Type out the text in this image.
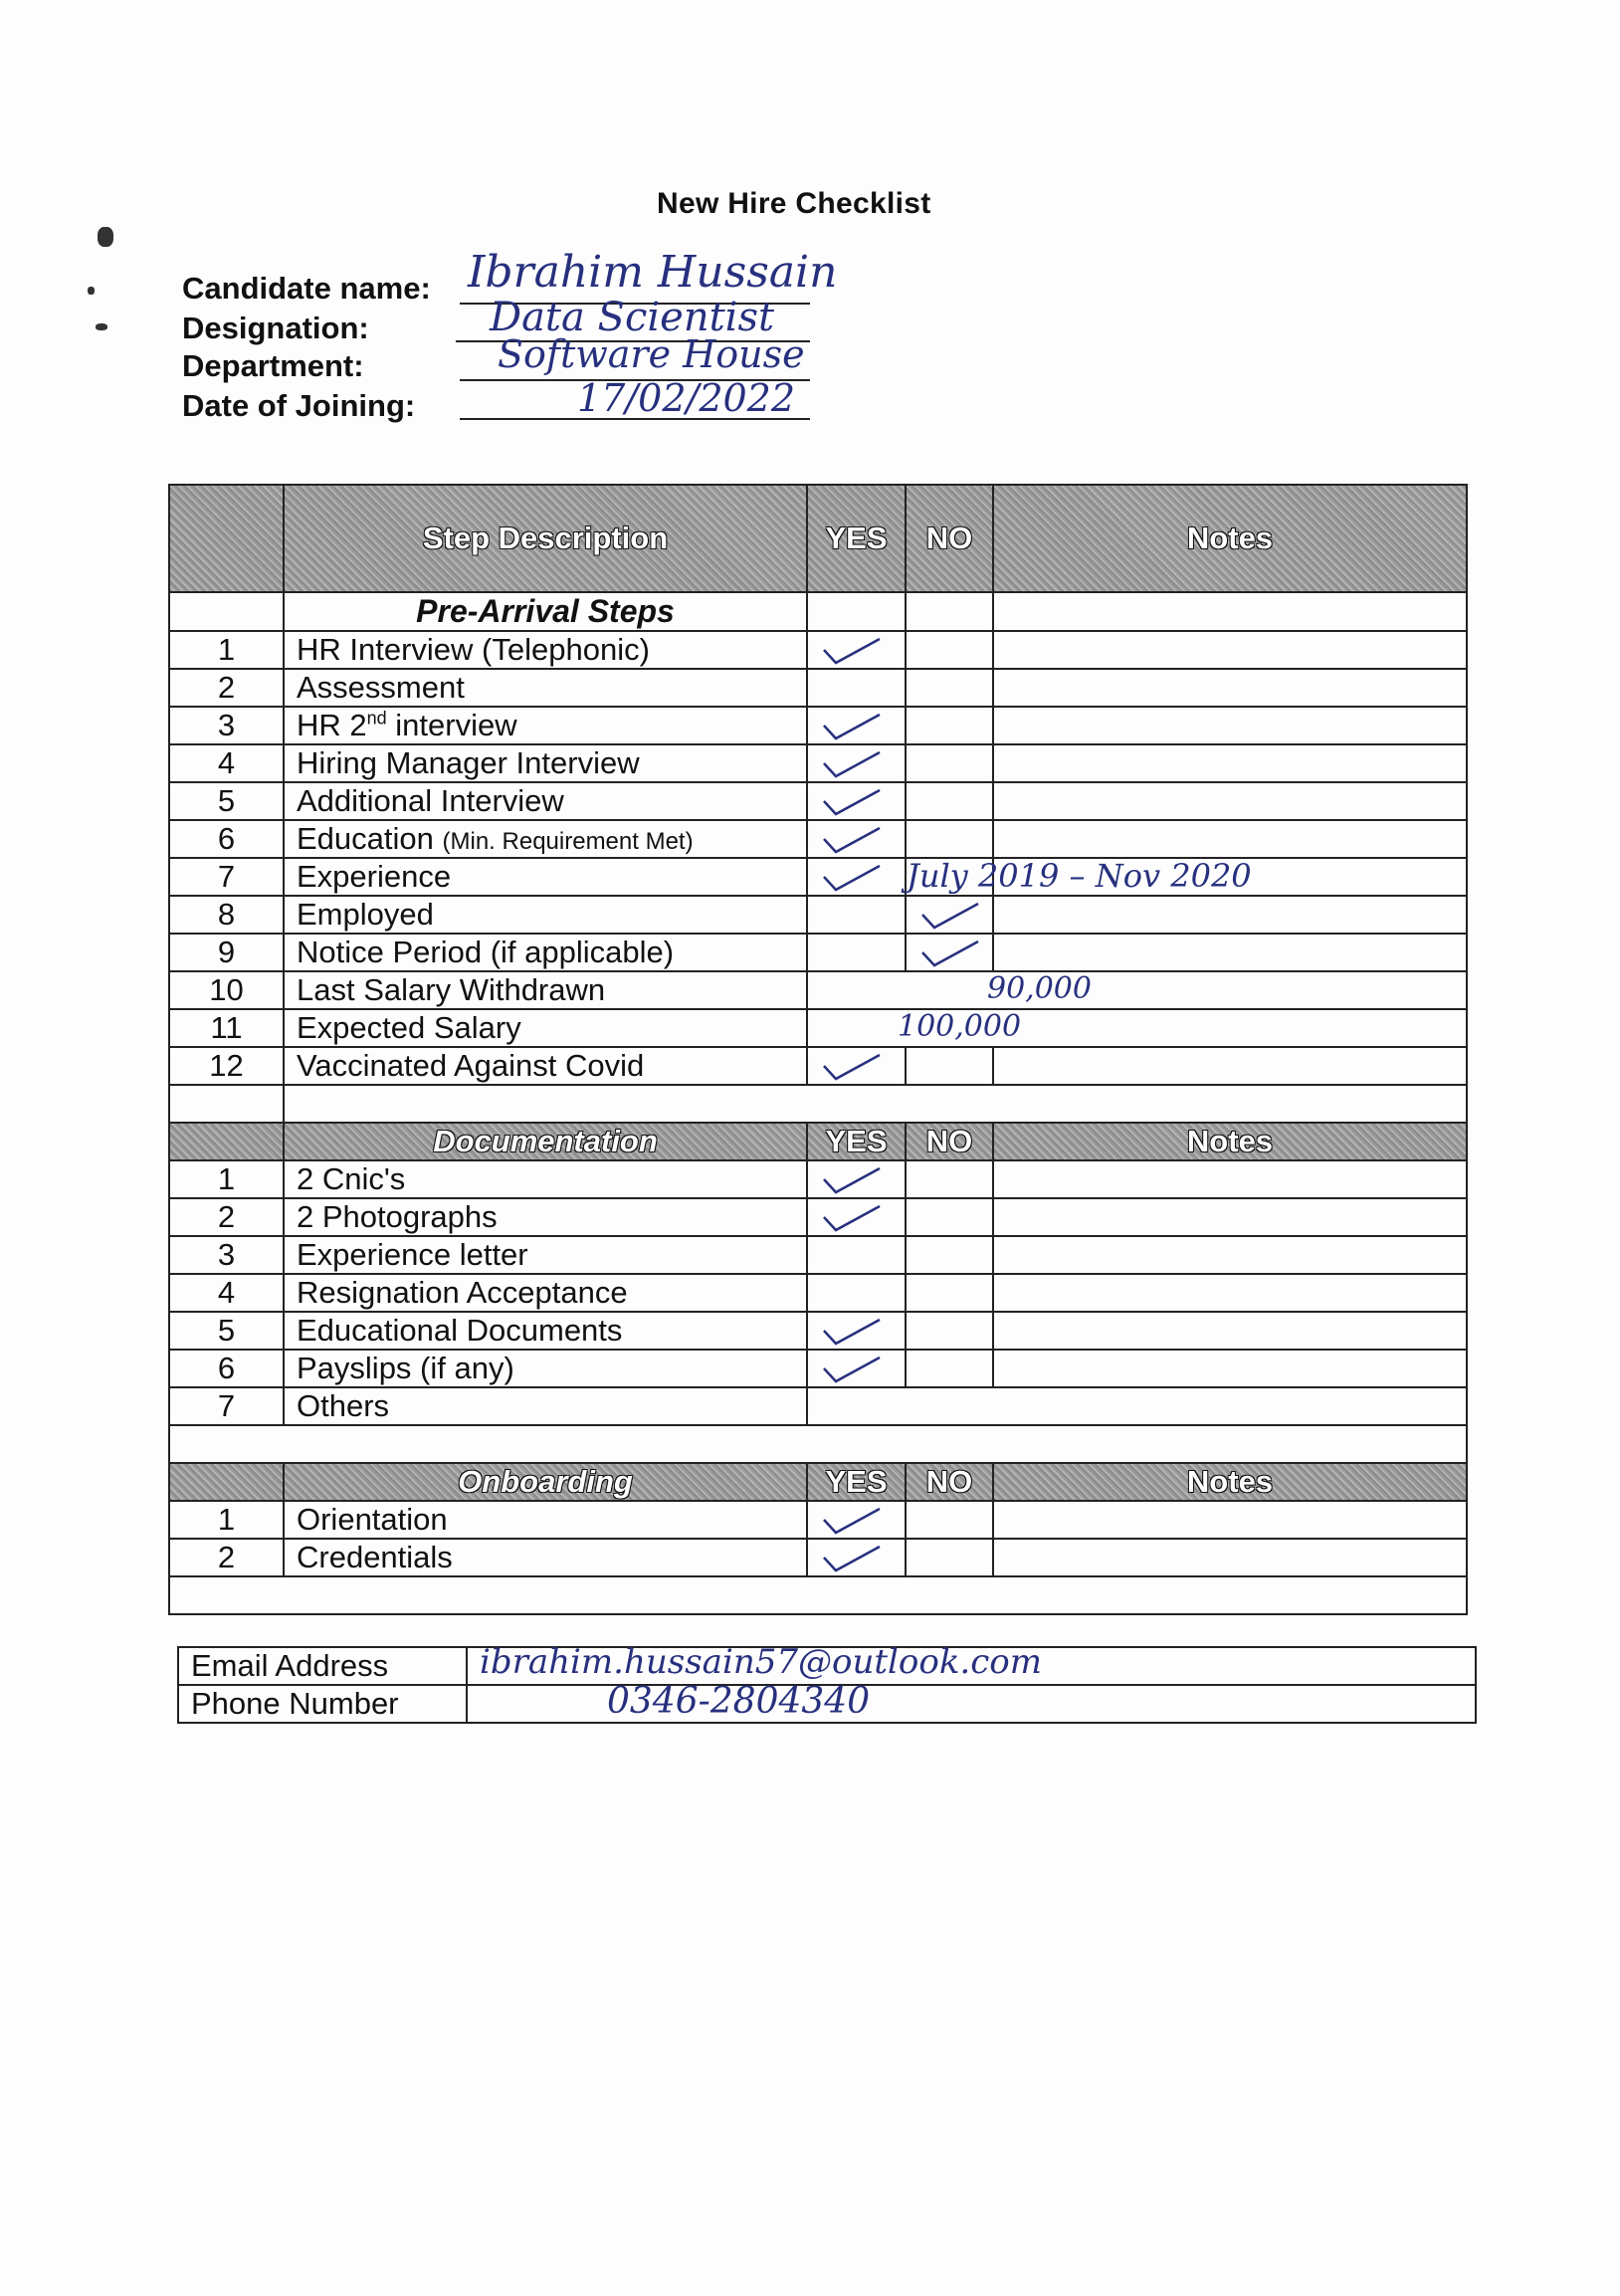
New Hire Checklist
Candidate name: Ibrahim Hussain
Designation:	Data Scientist
Department:	Software House
Date of Joining:	17/02/2022
	Step Description	YES	NO	Notes
	Pre-Arrival Steps			
1	HR Interview (Telephonic)	

2	Assessment			
3	HR 2nd interview	

4	Hiring Manager Interview	

5	Additional Interview	

6	Education (Min. Requirement Met)	

7	Experience			July 2019 – Nov 2020

8	Employed		

9	Notice Period (if applicable)		

10	Last Salary Withdrawn	90,000		

11	Expected Salary	100,000		

12	Vaccinated Against Covid	

	Documentation	YES	NO	Notes
1	2 Cnic's	

2	2 Photographs	

3	Experience letter			
4	Resignation Acceptance			
5	Educational Documents	

6	Payslips (if any)	

7	Others			

	Onboarding	YES	NO	Notes
1	Orientation	

2	Credentials	

Email Address	ibrahim.hussain57@outlook.com

Phone Number	0346-2804340
